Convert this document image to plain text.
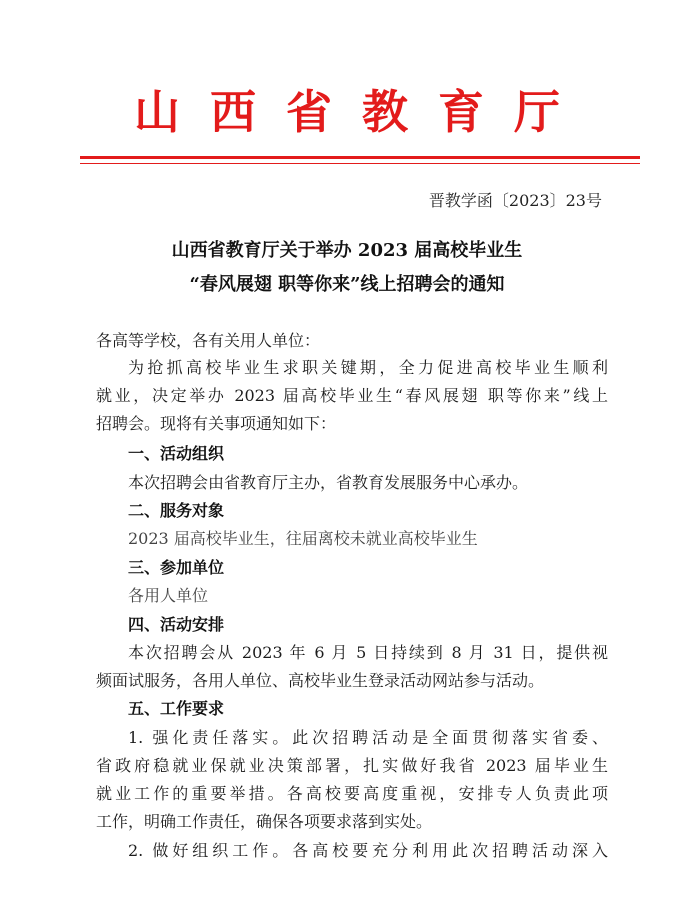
山西省教育厅
晋教学函〔2023〕23号
山西省教育厅关于举办 2023 届高校毕业生
“春风展翅 职等你来”线上招聘会的通知
各高等学校，各有关用人单位：
为抢抓高校毕业生求职关键期，全力促进高校毕业生顺利
就业，决定举办 2023 届高校毕业生“春风展翅 职等你来”线上
招聘会。现将有关事项通知如下：
一、活动组织
本次招聘会由省教育厅主办，省教育发展服务中心承办。
二、服务对象
2023 届高校毕业生，往届离校未就业高校毕业生
三、参加单位
各用人单位
四、活动安排
本次招聘会从 2023 年 6 月 5 日持续到 8 月 31 日，提供视
频面试服务，各用人单位、高校毕业生登录活动网站参与活动。
五、工作要求
1. 强化责任落实。此次招聘活动是全面贯彻落实省委、
省政府稳就业保就业决策部署，扎实做好我省 2023 届毕业生
就业工作的重要举措。各高校要高度重视，安排专人负责此项
工作，明确工作责任，确保各项要求落到实处。
2. 做好组织工作。各高校要充分利用此次招聘活动深入
